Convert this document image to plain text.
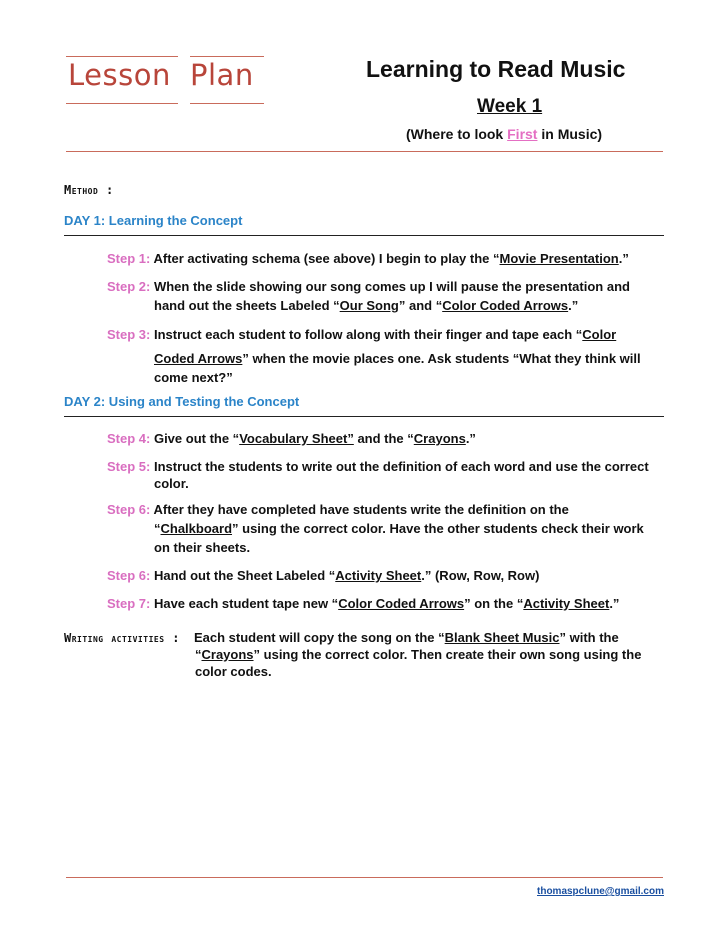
Lesson Plan	Learning to Read Music
Week 1
(Where to look First in Music)
Method :
DAY 1: Learning the Concept
Step 1: After activating schema (see above) I begin to play the “Movie Presentation.”
Step 2: When the slide showing our song comes up I will pause the presentation and
hand out the sheets Labeled “Our Song” and “Color Coded Arrows.”
Step 3: Instruct each student to follow along with their finger and tape each “Color
Coded Arrows” when the movie places one. Ask students “What they think will
come next?”
DAY 2: Using and Testing the Concept
Step 4: Give out the “Vocabulary Sheet” and the “Crayons.”
Step 5: Instruct the students to write out the definition of each word and use the correct
color.
Step 6: After they have completed have students write the definition on the
“Chalkboard” using the correct color. Have the other students check their work
on their sheets.
Step 6: Hand out the Sheet Labeled “Activity Sheet.” (Row, Row, Row)
Step 7: Have each student tape new “Color Coded Arrows” on the “Activity Sheet.”
Writing activities : Each student will copy the song on the “Blank Sheet Music” with the
“Crayons” using the correct color. Then create their own song using the
color codes.
thomaspclune@gmail.com
